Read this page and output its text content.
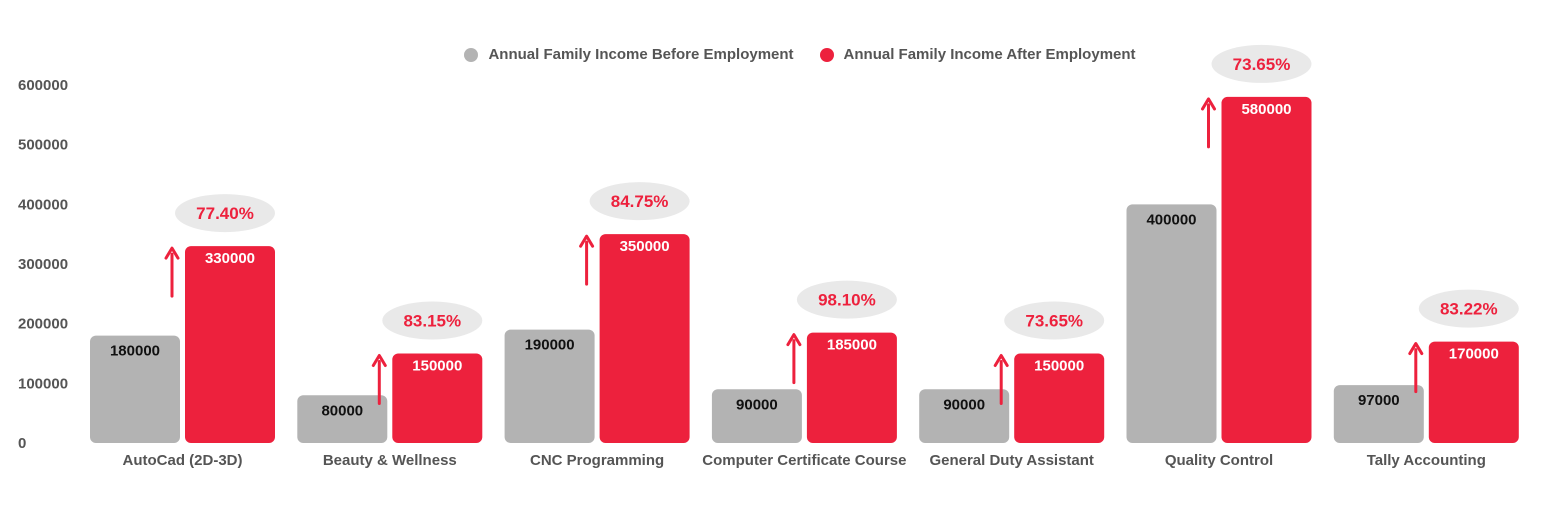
Annual Family Income Before Employment	Annual Family Income After Employment
0
100000
200000
300000
400000
500000
600000
180000
330000
77.40%
AutoCad (2D-3D)
80000
150000
83.15%
Beauty & Wellness
190000
350000
84.75%
CNC Programming
90000
185000
98.10%
Computer Certificate Course
90000
150000
73.65%
General Duty Assistant
400000
580000
73.65%
Quality Control
97000
170000
83.22%
Tally Accounting
